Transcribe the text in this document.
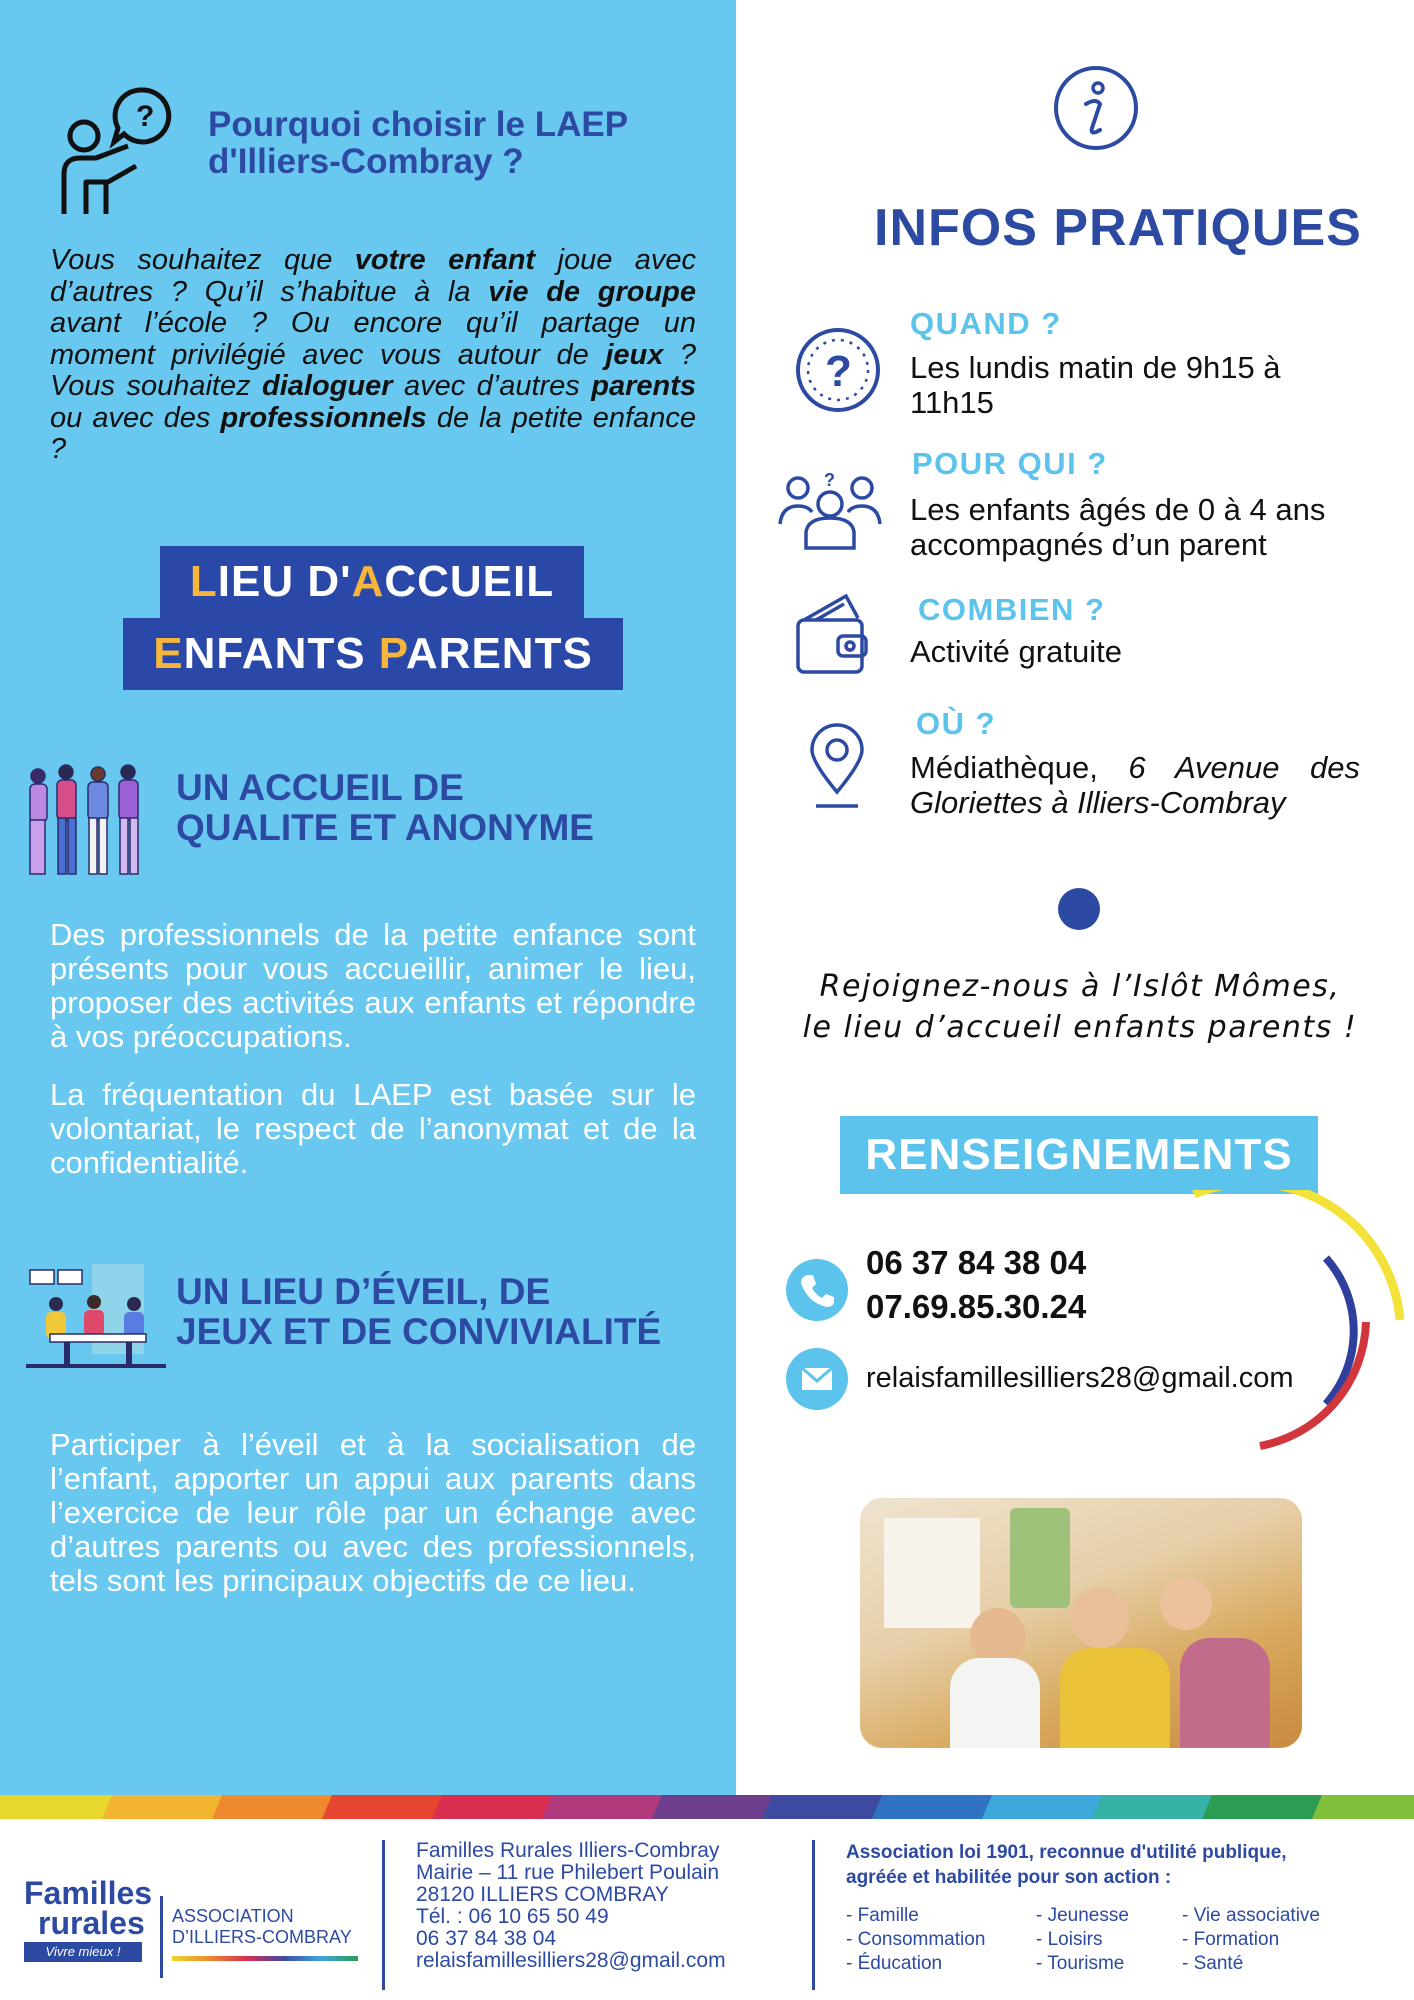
? Pourquoi choisir le LAEP
d'Illiers-Combray ?
Vous souhaitez que votre enfant joue avec d’autres ? Qu’il s’habitue à la vie de groupe avant l’école ? Ou encore qu’il partage un moment privilégié avec vous autour de jeux ? Vous souhaitez dialoguer avec d’autres parents ou avec des professionnels de la petite enfance ?
LIEU D'ACCUEIL
ENFANTS PARENTS
UN ACCUEIL DE
QUALITE ET ANONYME
Des professionnels de la petite enfance sont présents pour vous accueillir, animer le lieu, proposer des activités aux enfants et répondre à vos préoccupations.
La fréquentation du LAEP est basée sur le volontariat, le respect de l’anonymat et de la confidentialité.
UN LIEU D’ÉVEIL, DE
JEUX ET DE CONVIVIALITÉ
Participer à l’éveil et à la socialisation de l’enfant, apporter un appui aux parents dans l’exercice de leur rôle par un échange avec d’autres parents ou avec des professionnels, tels sont les principaux objectifs de ce lieu.
INFOS PRATIQUES
?
QUAND ?
Les lundis matin de 9h15 à 11h15
? POUR QUI ?
Les enfants âgés de 0 à 4 ans accompagnés d’un parent
COMBIEN ?
Activité gratuite
OÙ ?
Médiathèque, 6 Avenue des Gloriettes à Illiers-Combray
Rejoignez-nous à l’Islôt Mômes,
le lieu d’accueil enfants parents !
RENSEIGNEMENTS
06 37 84 38 04
07.69.85.30.24
relaisfamillesilliers28@gmail.com
Familles
rurales
Vivre mieux !
ASSOCIATION
D’ILLIERS-COMBRAY
Familles Rurales Illiers-Combray
Mairie – 11 rue Philebert Poulain
28120 ILLIERS COMBRAY
Tél. : 06 10 65 50 49
06 37 84 38 04
relaisfamillesilliers28@gmail.com
Association loi 1901, reconnue d'utilité publique,
agréée et habilitée pour son action :
- Famille
- Consommation
- Éducation
- Jeunesse
- Loisirs
- Tourisme
- Vie associative
- Formation
- Santé
